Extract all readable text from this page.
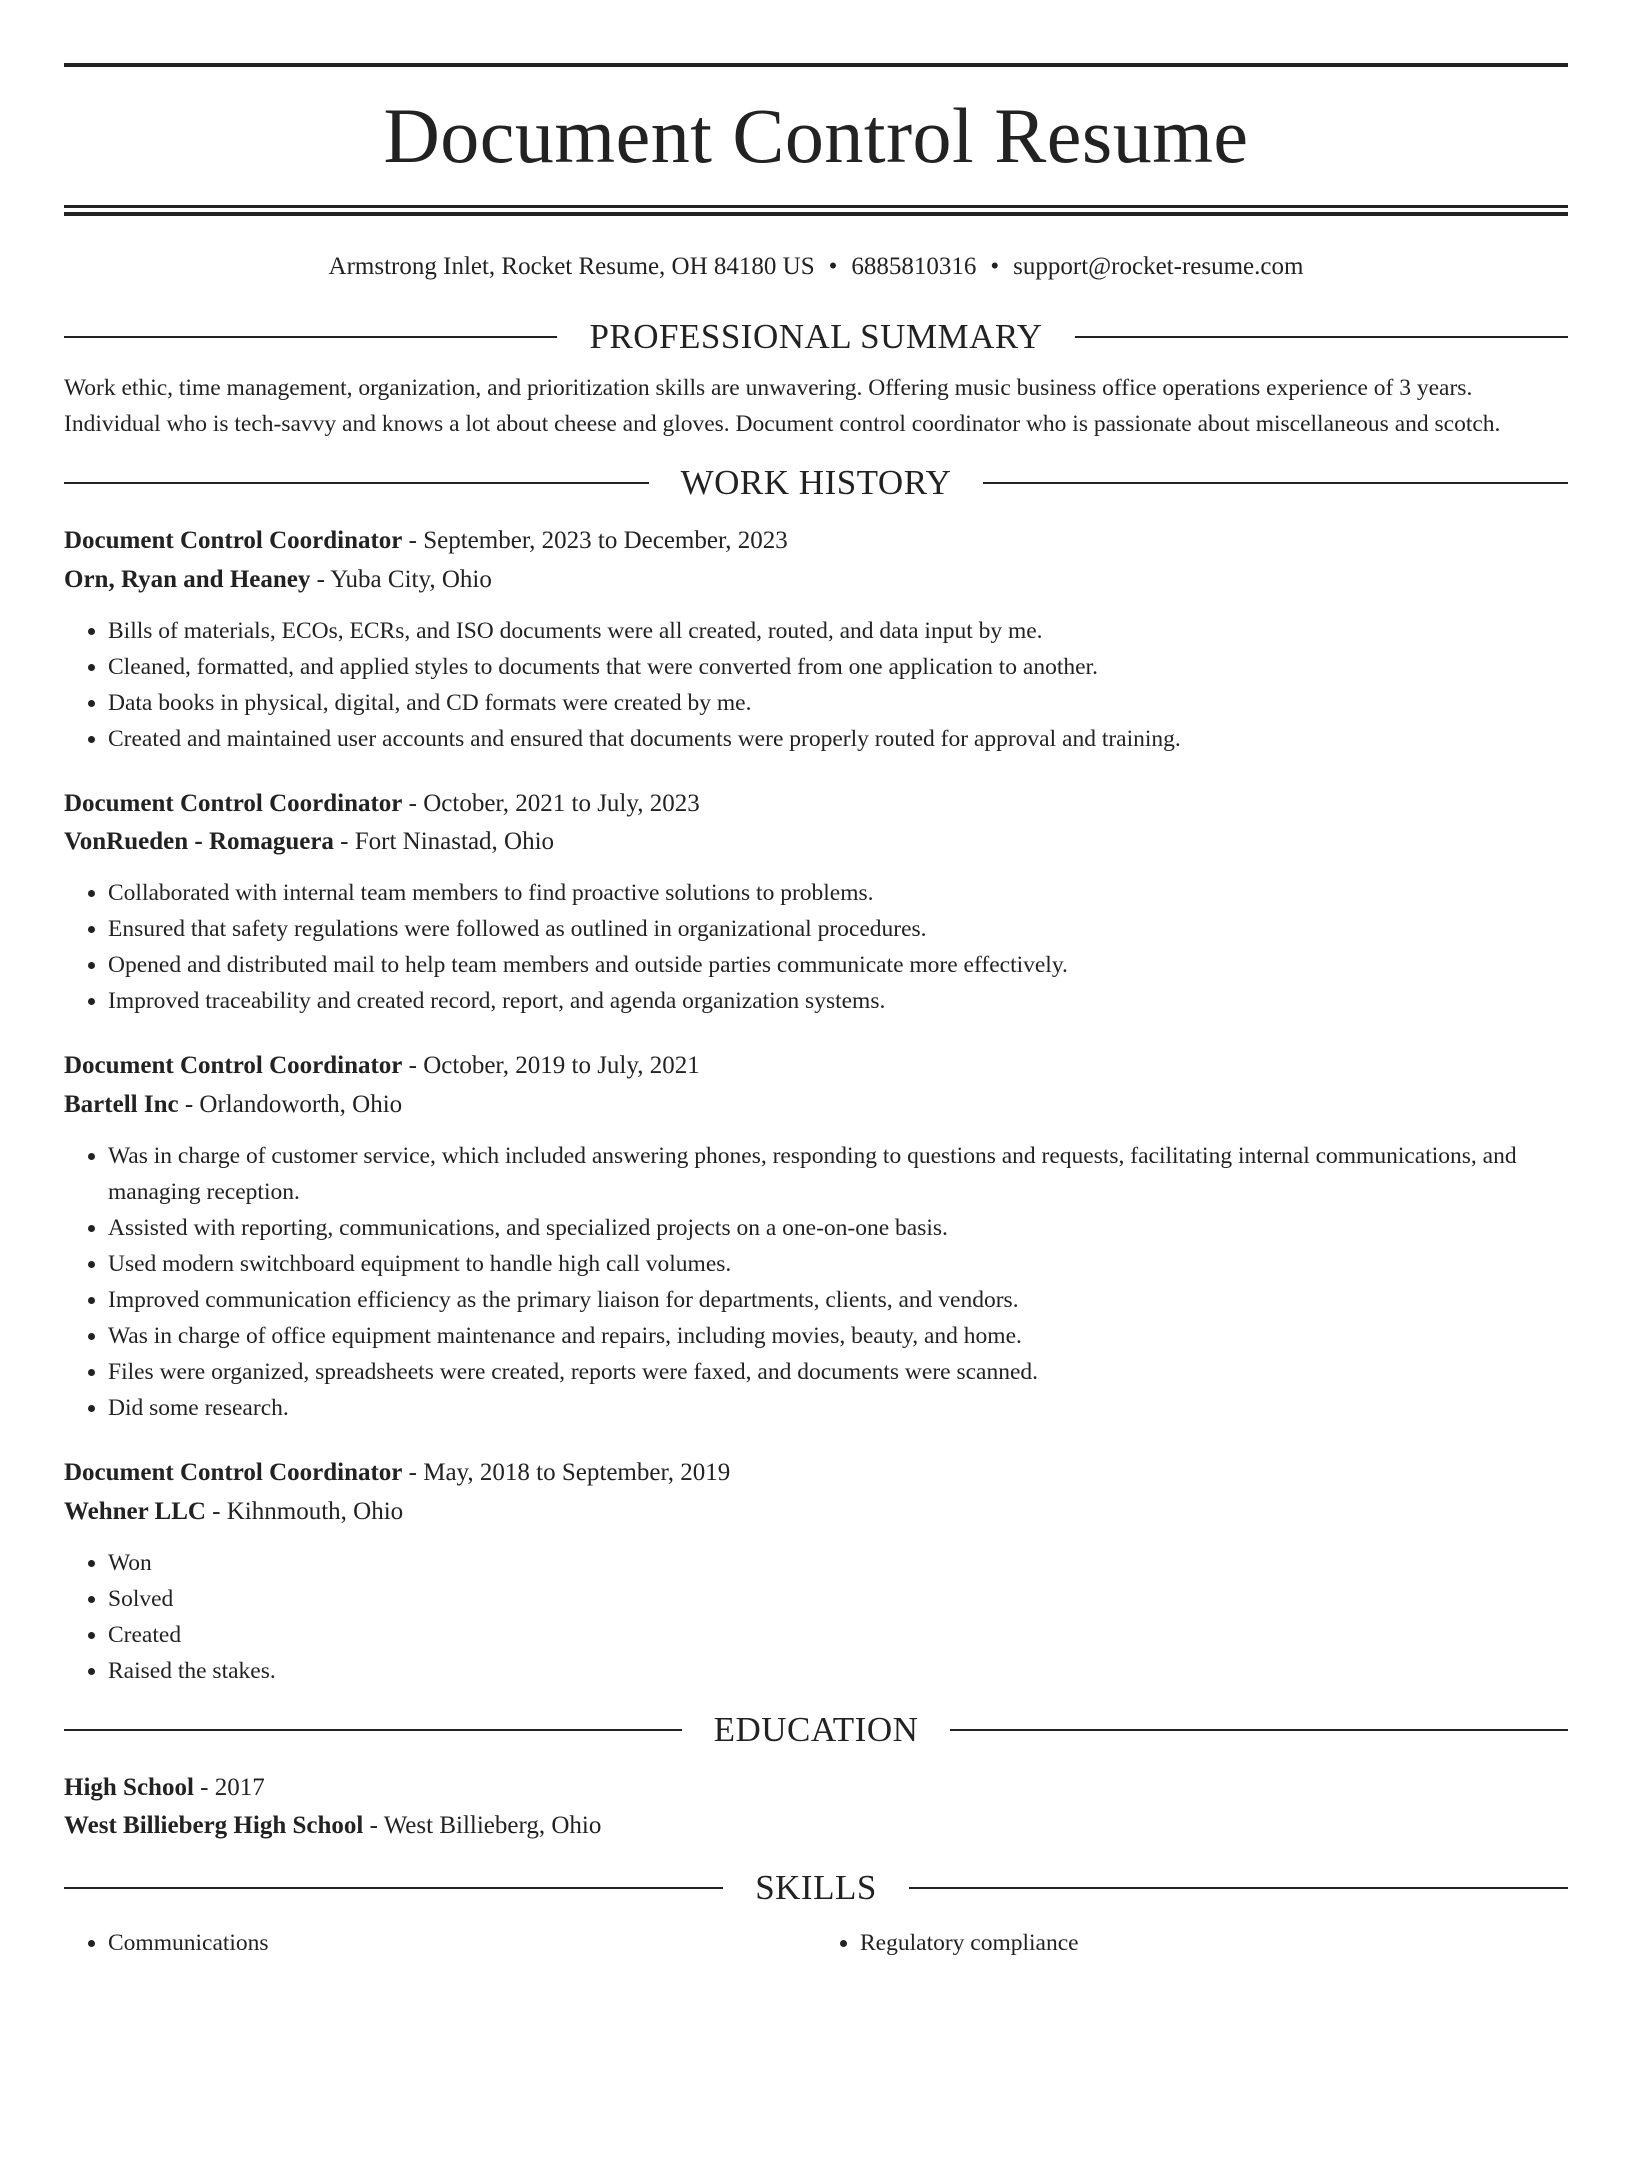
Document Control Resume
Armstrong Inlet, Rocket Resume, OH 84180 US • 6885810316 • support@rocket-resume.com
PROFESSIONAL SUMMARY

Work ethic, time management, organization, and prioritization skills are unwavering. Offering music business office operations experience of 3 years. Individual who is tech-savvy and knows a lot about cheese and gloves. Document control coordinator who is passionate about miscellaneous and scotch.

WORK HISTORY
Document Control Coordinator - September, 2023 to December, 2023
Orn, Ryan and Heaney - Yuba City, Ohio
• Bills of materials, ECOs, ECRs, and ISO documents were all created, routed, and data input by me.
• Cleaned, formatted, and applied styles to documents that were converted from one application to another.
• Data books in physical, digital, and CD formats were created by me.
• Created and maintained user accounts and ensured that documents were properly routed for approval and training.
Document Control Coordinator - October, 2021 to July, 2023
VonRueden - Romaguera - Fort Ninastad, Ohio
• Collaborated with internal team members to find proactive solutions to problems.
• Ensured that safety regulations were followed as outlined in organizational procedures.
• Opened and distributed mail to help team members and outside parties communicate more effectively.
• Improved traceability and created record, report, and agenda organization systems.
Document Control Coordinator - October, 2019 to July, 2021
Bartell Inc - Orlandoworth, Ohio
• Was in charge of customer service, which included answering phones, responding to questions and requests, facilitating internal communications, and managing reception.
• Assisted with reporting, communications, and specialized projects on a one-on-one basis.
• Used modern switchboard equipment to handle high call volumes.
• Improved communication efficiency as the primary liaison for departments, clients, and vendors.
• Was in charge of office equipment maintenance and repairs, including movies, beauty, and home.
• Files were organized, spreadsheets were created, reports were faxed, and documents were scanned.
• Did some research.
Document Control Coordinator - May, 2018 to September, 2019
Wehner LLC - Kihnmouth, Ohio
• Won
• Solved
• Created
• Raised the stakes.
EDUCATION
High School - 2017
West Billieberg High School - West Billieberg, Ohio
SKILLS
• Communications
•	Regulatory compliance
